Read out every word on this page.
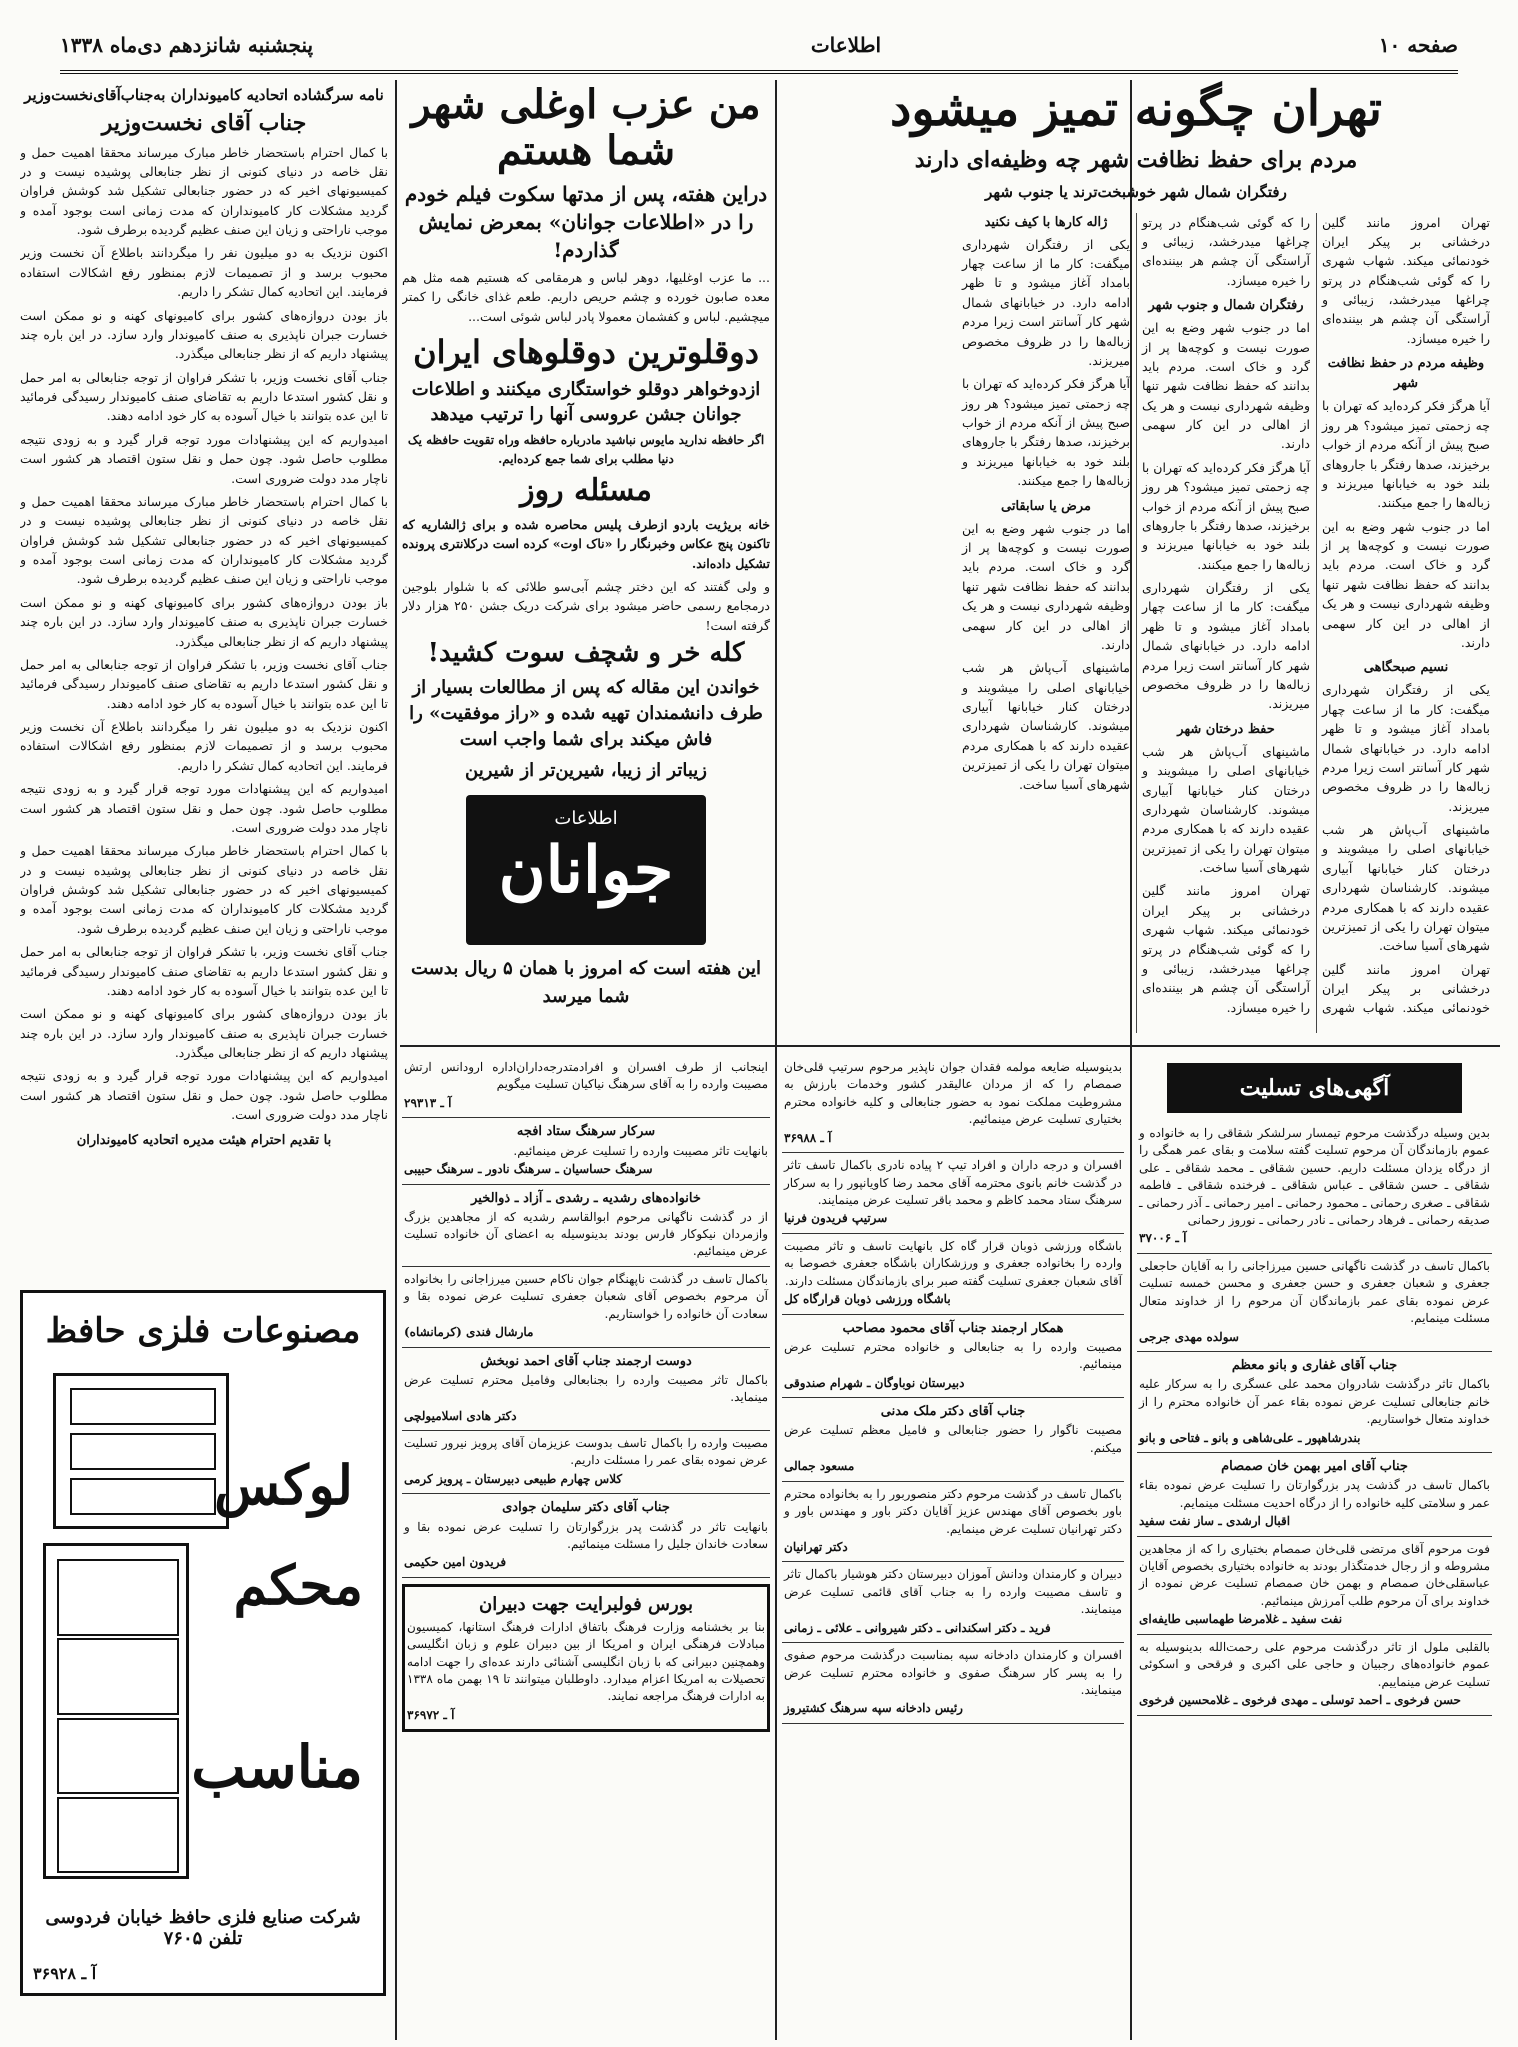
صفحه ۱۰
اطلاعات
پنجشنبه شانزدهم دی‌ماه ۱۳۳۸
تهران چگونه تمیز میشود
مردم برای حفظ نظافت شهر چه وظیفه‌ای دارند
رفتگران شمال شهر خوشبخت‌ترند یا جنوب شهر

تهران امروز مانند گلین درخشانی بر پیکر ایران خودنمائی میکند. شهاب شهری را که گوئی شب‌هنگام در پرتو چراغها میدرخشد، زیبائی و آراستگی آن چشم هر بیننده‌ای را خیره میسازد.

وظیفه مردم در حفظ نظافت شهر

آیا هرگز فکر کرده‌اید که تهران با چه زحمتی تمیز میشود؟ هر روز صبح پیش از آنکه مردم از خواب برخیزند، صدها رفتگر با جاروهای بلند خود به خیابانها میریزند و زباله‌ها را جمع میکنند.

اما در جنوب شهر وضع به این صورت نیست و کوچه‌ها پر از گرد و خاک است. مردم باید بدانند که حفظ نظافت شهر تنها وظیفه شهرداری نیست و هر یک از اهالی در این کار سهمی دارند.

نسیم صبحگاهی

یکی از رفتگران شهرداری میگفت: کار ما از ساعت چهار بامداد آغاز میشود و تا ظهر ادامه دارد. در خیابانهای شمال شهر کار آسانتر است زیرا مردم زباله‌ها را در ظروف مخصوص میریزند.

ماشینهای آب‌پاش هر شب خیابانهای اصلی را میشویند و درختان کنار خیابانها آبیاری میشوند. کارشناسان شهرداری عقیده دارند که با همکاری مردم میتوان تهران را یکی از تمیزترین شهرهای آسیا ساخت.

تهران امروز مانند گلین درخشانی بر پیکر ایران خودنمائی میکند. شهاب شهری را که گوئی شب‌هنگام در پرتو چراغها میدرخشد، زیبائی و آراستگی آن چشم هر بیننده‌ای را خیره میسازد.

رفتگران شمال و جنوب شهر

اما در جنوب شهر وضع به این صورت نیست و کوچه‌ها پر از گرد و خاک است. مردم باید بدانند که حفظ نظافت شهر تنها وظیفه شهرداری نیست و هر یک از اهالی در این کار سهمی دارند.

آیا هرگز فکر کرده‌اید که تهران با چه زحمتی تمیز میشود؟ هر روز صبح پیش از آنکه مردم از خواب برخیزند، صدها رفتگر با جاروهای بلند خود به خیابانها میریزند و زباله‌ها را جمع میکنند.

یکی از رفتگران شهرداری میگفت: کار ما از ساعت چهار بامداد آغاز میشود و تا ظهر ادامه دارد. در خیابانهای شمال شهر کار آسانتر است زیرا مردم زباله‌ها را در ظروف مخصوص میریزند.

حفظ درختان شهر

ماشینهای آب‌پاش هر شب خیابانهای اصلی را میشویند و درختان کنار خیابانها آبیاری میشوند. کارشناسان شهرداری عقیده دارند که با همکاری مردم میتوان تهران را یکی از تمیزترین شهرهای آسیا ساخت.

تهران امروز مانند گلین درخشانی بر پیکر ایران خودنمائی میکند. شهاب شهری را که گوئی شب‌هنگام در پرتو چراغها میدرخشد، زیبائی و آراستگی آن چشم هر بیننده‌ای را خیره میسازد.

ژاله کارها با کیف نکنید

یکی از رفتگران شهرداری میگفت: کار ما از ساعت چهار بامداد آغاز میشود و تا ظهر ادامه دارد. در خیابانهای شمال شهر کار آسانتر است زیرا مردم زباله‌ها را در ظروف مخصوص میریزند.

آیا هرگز فکر کرده‌اید که تهران با چه زحمتی تمیز میشود؟ هر روز صبح پیش از آنکه مردم از خواب برخیزند، صدها رفتگر با جاروهای بلند خود به خیابانها میریزند و زباله‌ها را جمع میکنند.

مرض یا سابقاتی

اما در جنوب شهر وضع به این صورت نیست و کوچه‌ها پر از گرد و خاک است. مردم باید بدانند که حفظ نظافت شهر تنها وظیفه شهرداری نیست و هر یک از اهالی در این کار سهمی دارند.

ماشینهای آب‌پاش هر شب خیابانهای اصلی را میشویند و درختان کنار خیابانها آبیاری میشوند. کارشناسان شهرداری عقیده دارند که با همکاری مردم میتوان تهران را یکی از تمیزترین شهرهای آسیا ساخت.

من عزب اوغلی شهر شما هستم
دراین هفته، پس از مدتها سکوت فیلم خودم را در «اطلاعات جوانان» بمعرض نمایش گذاردم!

... ما عزب اوغلیها، دوهر لباس و هرمقامی که هستیم همه مثل هم معده صابون خورده و چشم حریص داریم. طعم غذای خانگی را کمتر میچشیم. لباس و کفشمان معمولا پادر لباس شوئی است...

دوقلوترین دوقلوهای ایران
ازدوخواهر دوقلو خواستگاری میکنند و اطلاعات جوانان جشن عروسی آنها را ترتیب میدهد
اگر حافظه ندارید مایوس نباشید مادرباره حافظه وراه تقویت حافظه یک دنیا مطلب برای شما جمع کرده‌ایم.
مسئله روز

خانه بریژیت باردو ازطرف پلیس محاصره شده و برای ژالشاریه که تاکنون پنج عکاس وخبرنگار را «ناک اوت» کرده است درکلانتری پرونده تشکیل داده‌اند.

و ولی گفتند که این دختر چشم آبی‌سو طلائی که با شلوار بلوجین درمجامع رسمی حاضر میشود برای شرکت دریک جشن ۲۵۰ هزار دلار گرفته است!

کله خر و شچف سوت کشید!
خواندن این مقاله که پس از مطالعات بسیار از طرف دانشمندان تهیه شده و «راز موفقیت» را فاش میکند برای شما واجب است
زیباتر از زیبا، شیرین‌تر از شیرین
اطلاعات
جوانان
این هفته است که امروز با همان ۵ ریال بدست شما میرسد
نامه سرگشاده اتحادیه کامیونداران به‌جناب‌آقای‌نخست‌وزیر
جناب آقای نخست‌وزیر

با کمال احترام باستحضار خاطر مبارک میرساند محققا اهمیت حمل و نقل خاصه در دنیای کنونی از نظر جنابعالی پوشیده نیست و در کمیسیونهای اخیر که در حضور جنابعالی تشکیل شد کوشش فراوان گردید مشکلات کار کامیونداران که مدت زمانی است بوجود آمده و موجب ناراحتی و زیان این صنف عظیم گردیده برطرف شود.

اکنون نزدیک به دو میلیون نفر را میگردانند باطلاع آن نخست وزیر محبوب برسد و از تصمیمات لازم بمنظور رفع اشکالات استفاده فرمایند. این اتحادیه کمال تشکر را داریم.

باز بودن دروازه‌های کشور برای کامیونهای کهنه و نو ممکن است خسارت جبران ناپذیری به صنف کامیوندار وارد سازد. در این باره چند پیشنهاد داریم که از نظر جنابعالی میگذرد.

جناب آقای نخست وزیر، با تشکر فراوان از توجه جنابعالی به امر حمل و نقل کشور استدعا داریم به تقاضای صنف کامیوندار رسیدگی فرمائید تا این عده بتوانند با خیال آسوده به کار خود ادامه دهند.

امیدواریم که این پیشنهادات مورد توجه قرار گیرد و به زودی نتیجه مطلوب حاصل شود. چون حمل و نقل ستون اقتصاد هر کشور است ناچار مدد دولت ضروری است.

با کمال احترام باستحضار خاطر مبارک میرساند محققا اهمیت حمل و نقل خاصه در دنیای کنونی از نظر جنابعالی پوشیده نیست و در کمیسیونهای اخیر که در حضور جنابعالی تشکیل شد کوشش فراوان گردید مشکلات کار کامیونداران که مدت زمانی است بوجود آمده و موجب ناراحتی و زیان این صنف عظیم گردیده برطرف شود.

باز بودن دروازه‌های کشور برای کامیونهای کهنه و نو ممکن است خسارت جبران ناپذیری به صنف کامیوندار وارد سازد. در این باره چند پیشنهاد داریم که از نظر جنابعالی میگذرد.

جناب آقای نخست وزیر، با تشکر فراوان از توجه جنابعالی به امر حمل و نقل کشور استدعا داریم به تقاضای صنف کامیوندار رسیدگی فرمائید تا این عده بتوانند با خیال آسوده به کار خود ادامه دهند.

اکنون نزدیک به دو میلیون نفر را میگردانند باطلاع آن نخست وزیر محبوب برسد و از تصمیمات لازم بمنظور رفع اشکالات استفاده فرمایند. این اتحادیه کمال تشکر را داریم.

امیدواریم که این پیشنهادات مورد توجه قرار گیرد و به زودی نتیجه مطلوب حاصل شود. چون حمل و نقل ستون اقتصاد هر کشور است ناچار مدد دولت ضروری است.

با کمال احترام باستحضار خاطر مبارک میرساند محققا اهمیت حمل و نقل خاصه در دنیای کنونی از نظر جنابعالی پوشیده نیست و در کمیسیونهای اخیر که در حضور جنابعالی تشکیل شد کوشش فراوان گردید مشکلات کار کامیونداران که مدت زمانی است بوجود آمده و موجب ناراحتی و زیان این صنف عظیم گردیده برطرف شود.

جناب آقای نخست وزیر، با تشکر فراوان از توجه جنابعالی به امر حمل و نقل کشور استدعا داریم به تقاضای صنف کامیوندار رسیدگی فرمائید تا این عده بتوانند با خیال آسوده به کار خود ادامه دهند.

باز بودن دروازه‌های کشور برای کامیونهای کهنه و نو ممکن است خسارت جبران ناپذیری به صنف کامیوندار وارد سازد. در این باره چند پیشنهاد داریم که از نظر جنابعالی میگذرد.

امیدواریم که این پیشنهادات مورد توجه قرار گیرد و به زودی نتیجه مطلوب حاصل شود. چون حمل و نقل ستون اقتصاد هر کشور است ناچار مدد دولت ضروری است.

با تقدیم احترام هیئت مدیره اتحادیه کامیونداران
مصنوعات فلزی حافظ
لوکس
محکم
مناسب
شرکت صنایع فلزی حافظ خیابان فردوسی تلفن ۷۶۰۵
آ ـ ۳۶۹۲۸
آگهی‌های تسلیت
بدین وسیله درگذشت مرحوم تیمسار سرلشکر شقاقی را به خانواده و عموم بازماندگان آن مرحوم تسلیت گفته سلامت و بقای عمر همگی را از درگاه یزدان مسئلت داریم. حسین شقاقی ـ محمد شقاقی ـ علی شقاقی ـ حسن شقاقی ـ عباس شقاقی ـ فرخنده شقاقی ـ فاطمه شقاقی ـ صغری رحمانی ـ محمود رحمانی ـ امیر رحمانی ـ آذر رحمانی ـ صدیقه رحمانی ـ فرهاد رحمانی ـ نادر رحمانی ـ نوروز رحمانی
آ ـ ۳۷۰۰۶
باکمال تاسف در گذشت ناگهانی حسین میرزاجانی را به آقایان حاجعلی جعفری و شعبان جعفری و حسن جعفری و محسن خمسه تسلیت عرض نموده بقای عمر بازماندگان آن مرحوم را از خداوند متعال مسئلت مینمایم.
سولده مهدی جرجی
جناب آقای غفاری و بانو معظم
باکمال تاثر درگذشت شادروان محمد علی عسگری را به سرکار علیه خانم جنابعالی تسلیت عرض نموده بقاء عمر آن خانواده محترم را از خداوند متعال خواستاریم.
بندرشاهپور ـ علی‌شاهی و بانو ـ فتاحی و بانو
جناب آقای امیر بهمن خان صمصام
باکمال تاسف در گذشت پدر بزرگوارتان را تسلیت عرض نموده بقاء عمر و سلامتی کلیه خانواده را از درگاه احدیت مسئلت مینمایم.
اقبال ارشدی ـ ساز نفت سفید
فوت مرحوم آقای مرتضی قلی‌خان صمصام بختیاری را که از مجاهدین مشروطه و از رجال خدمتگذار بودند به خانواده بختیاری بخصوص آقایان عباسقلی‌خان صمصام و بهمن خان صمصام تسلیت عرض نموده از خداوند برای آن مرحوم طلب آمرزش مینمائیم.
نفت سفید ـ غلامرضا طهماسبی طایفه‌ای
بالقلبی ملول از تاثر درگذشت مرحوم علی رحمت‌الله بدینوسیله به عموم خانواده‌های رجبیان و حاجی علی اکبری و فرقحی و اسکوئی تسلیت عرض مینماییم.
حسن فرخوی ـ احمد توسلی ـ مهدی فرخوی ـ غلامحسین فرخوی
بدینوسیله ضایعه مولمه فقدان جوان ناپذیر مرحوم سرتیپ قلی‌خان صمصام را که از مردان عالیقدر کشور وخدمات بارزش به مشروطیت مملکت نمود به حضور جنابعالی و کلیه خانواده محترم بختیاری تسلیت عرض مینمائیم.
آ ـ ۳۶۹۸۸
افسران و درجه داران و افراد تیپ ۲ پیاده نادری باکمال تاسف تاثر در گذشت خانم بانوی محترمه آقای محمد رضا کاویانپور را به سرکار سرهنگ ستاد محمد کاظم و محمد باقر تسلیت عرض مینمایند.
سرتیپ فریدون فرنیا
باشگاه ورزشی ذوبان قرار گاه کل بانهایت تاسف و تاثر مصیبت وارده را بخانواده جعفری و ورزشکاران باشگاه جعفری خصوصا به آقای شعبان جعفری تسلیت گفته صبر برای بازماندگان مسئلت دارند.
باشگاه ورزشی ذوبان قرارگاه کل
همکار ارجمند جناب آقای محمود مصاحب
مصیبت وارده را به جنابعالی و خانواده محترم تسلیت عرض مینمائیم.
دبیرستان نوباوگان ـ شهرام صندوقی
جناب آقای دکتر ملک مدنی
مصیبت ناگوار را حضور جنابعالی و فامیل معظم تسلیت عرض میکنم.
مسعود جمالی
باکمال تاسف در گذشت مرحوم دکتر منصوربور را به بخانواده محترم باور بخصوص آقای مهندس عزیز آقایان دکتر باور و مهندس باور و دکتر تهرانیان تسلیت عرض مینمایم.
دکتر تهرانیان
دبیران و کارمندان ودانش آموزان دبیرستان دکتر هوشیار باکمال تاثر و تاسف مصیبت وارده را به جناب آقای قائمی تسلیت عرض مینمایند.
فرید ـ دکتر اسکندانی ـ دکتر شیروانی ـ علائی ـ زمانی
افسران و کارمندان دادخانه سپه بمناسبت درگذشت مرحوم صفوی را به پسر کار سرهنگ صفوی و خانواده محترم تسلیت عرض مینمایند.
رئیس دادخانه سپه سرهنگ کشتیروز
اینجانب از طرف افسران و افرادمتدرجه‌داران‌اداره ارودانس ارتش مصیبت وارده را به آقای سرهنگ نیاکیان تسلیت میگویم
آ ـ ۲۹۳۱۳
سرکار سرهنگ ستاد افجه
بانهایت تاثر مصیبت وارده را تسلیت عرض مینمائیم.
سرهنگ حساسیان ـ سرهنگ نادور ـ سرهنگ حبیبی
خانواده‌های رشدیه ـ رشدی ـ آزاد ـ ذوالخیر
از در گذشت ناگهانی مرحوم ابوالقاسم رشدیه که از مجاهدین بزرگ وازمردان نیکوکار فارس بودند بدینوسیله به اعضای آن خانواده تسلیت عرض مینمائیم.
باکمال تاسف در گذشت ناپهنگام جوان ناکام حسین میرزاجانی را بخانواده آن مرحوم بخصوص آقای شعبان جعفری تسلیت عرض نموده بقا و سعادت آن خانواده را خواستاریم.
مارشال فندی (کرمانشاه)
دوست ارجمند جناب آقای احمد نوبخش
باکمال تاثر مصیبت وارده را بجنابعالی وفامیل محترم تسلیت عرض مینماید.
دکتر هادی اسلامیولچی
مصیبت وارده را باکمال تاسف بدوست عزیزمان آقای پرویز نیرور تسلیت عرض نموده بقای عمر را مسئلت داریم.
کلاس چهارم طبیعی دبیرستان ـ پرویز کرمی
جناب آقای دکتر سلیمان جوادی
بانهایت تاثر در گذشت پدر بزرگوارتان را تسلیت عرض نموده بقا و سعادت خاندان جلیل را مسئلت مینمائیم.
فریدون امین حکیمی
بورس فولبرایت جهت دبیران
بنا بر بخشنامه وزارت فرهنگ باتفاق ادارات فرهنگ استانها، کمیسیون مبادلات فرهنگی ایران و امریکا از بین دبیران علوم و زبان انگلیسی وهمچنین دبیرانی که با زبان انگلیسی آشنائی دارند عده‌ای را جهت ادامه تحصیلات به امریکا اعزام میدارد. داوطلبان میتوانند تا ۱۹ بهمن ماه ۱۳۳۸ به ادارات فرهنگ مراجعه نمایند.
آ ـ ۳۶۹۷۲
